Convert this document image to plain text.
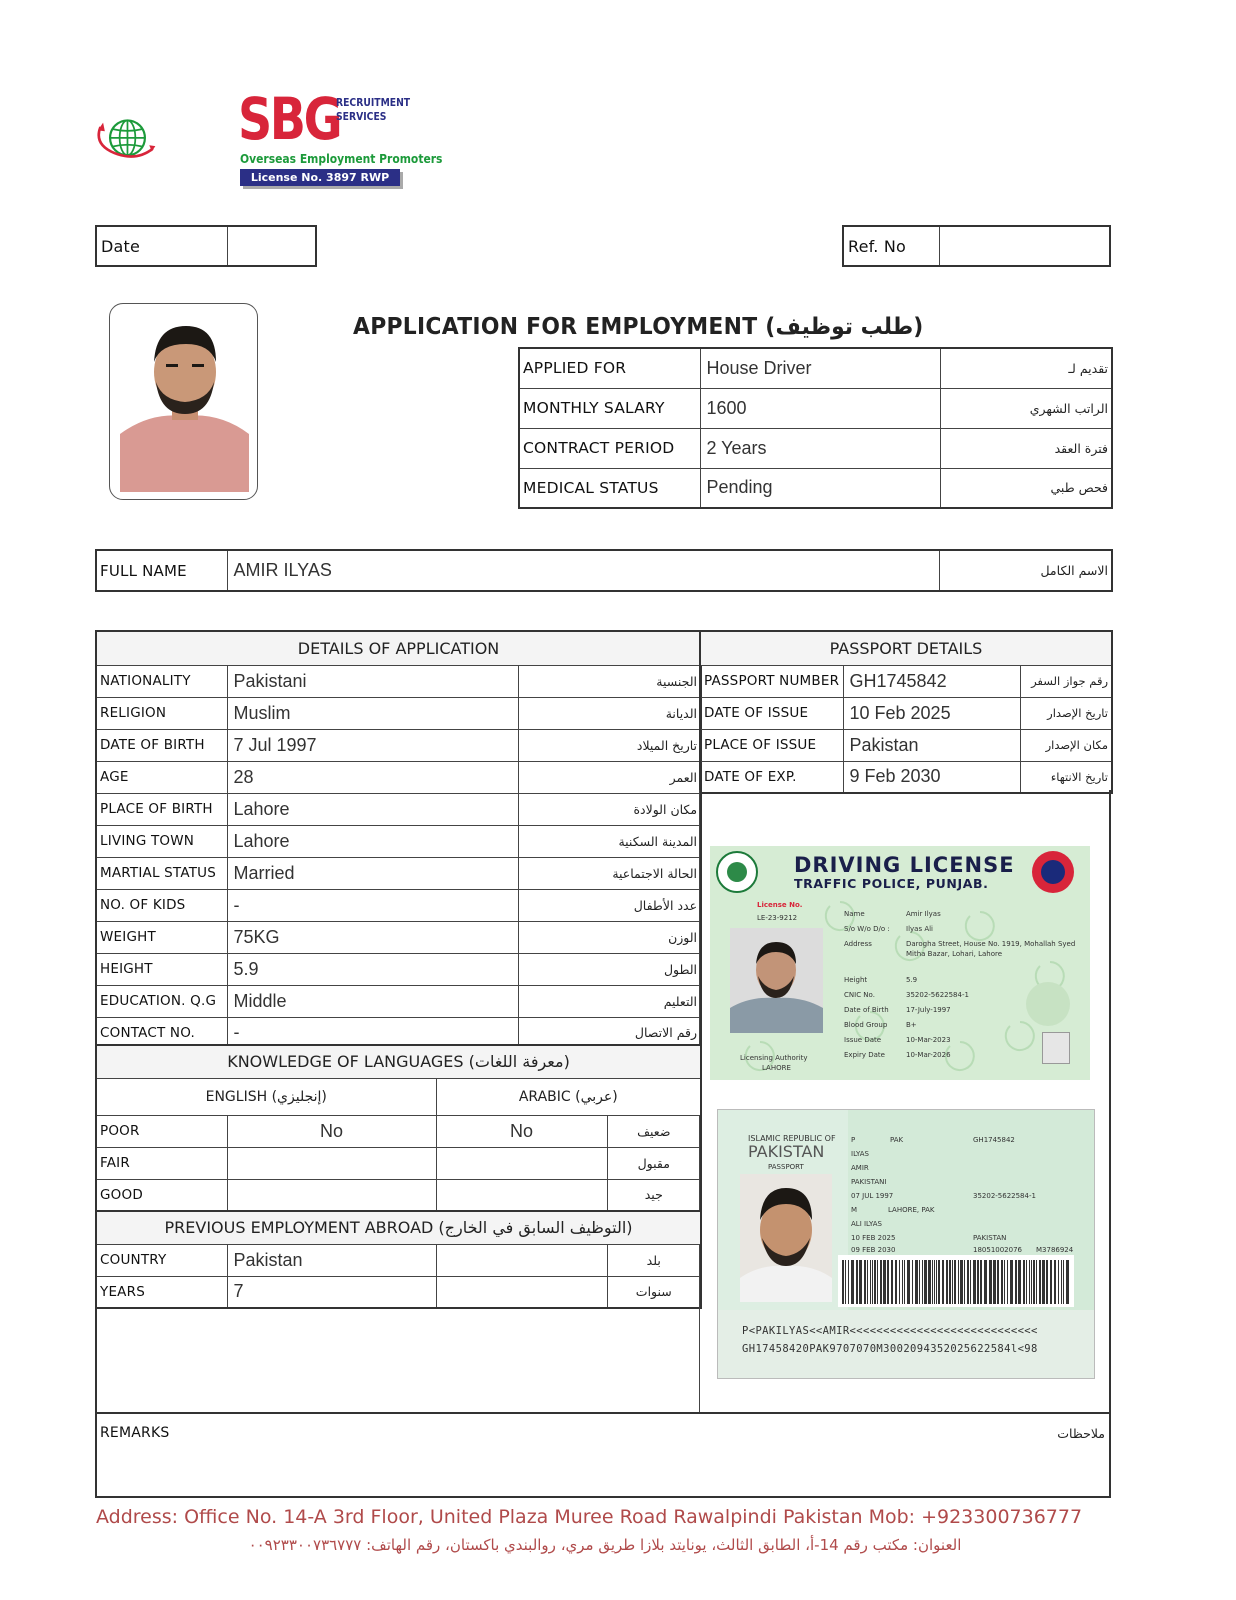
SBG
RECRUITMENT
SERVICES
Overseas Employment Promoters
License No. 3897 RWP
Date	Ref. No
APPLICATION FOR EMPLOYMENT (طلب توظيف)
APPLIED FOR	House Driver	تقديم لـ
MONTHLY SALARY	1600	الراتب الشهري
CONTRACT PERIOD	2 Years	فترة العقد
MEDICAL STATUS	Pending	فحص طبي
FULL NAME	AMIR ILYAS	الاسم الكامل
DETAILS OF APPLICATION		
NATIONALITY	Pakistani	الجنسية
RELIGION	Muslim	الديانة
DATE OF BIRTH	7 Jul 1997	تاريخ الميلاد
AGE	28	العمر
PLACE OF BIRTH	Lahore	مكان الولادة
LIVING TOWN	Lahore	المدينة السكنية
MARTIAL STATUS	Married	الحالة الاجتماعية
NO. OF KIDS	-	عدد الأطفال
WEIGHT	75KG	الوزن
HEIGHT	5.9	الطول
EDUCATION. Q.G	Middle	التعليم
CONTACT NO.	-	رقم الاتصال
PASSPORT DETAILS		
PASSPORT NUMBER	GH1745842	رقم جواز السفر
DATE OF ISSUE	10 Feb 2025	تاريخ الإصدار
PLACE OF ISSUE	Pakistan	مكان الإصدار
DATE OF EXP.	9 Feb 2030	تاريخ الانتهاء
KNOWLEDGE OF LANGUAGES (معرفة اللغات)			
ENGLISH (إنجليزي)		ARABIC (عربي)	
POOR	No	No	ضعيف
FAIR			مقبول
GOOD			جيد
PREVIOUS EMPLOYMENT ABROAD (التوظيف السابق في الخارج)			
COUNTRY	Pakistan		بلد
YEARS	7		سنوات
REMARKS	ملاحظات
DRIVING LICENSE
TRAFFIC POLICE, PUNJAB.
License No.
LE-23-9212	Name	Amir Ilyas
S/o W/o D/o : Ilyas Ali
Address	Darogha Street, House No. 1919, Mohallah Syed
Mitha Bazar, Lohari, Lahore
Height	5.9
CNIC No.	35202-5622584-1
Date of Birth 17-July-1997
Blood Group	B+
Issue Date	10-Mar-2023
Expiry Date	10-Mar-2026
Licensing Authority
LAHORE
ISLAMIC REPUBLIC OF
PAKISTAN
PASSPORT
P	PAK	GH1745842
ILYAS
AMIR
PAKISTANI
07 JUL 1997	35202-5622584-1
M	LAHORE, PAK
ALI ILYAS
10 FEB 2025	PAKISTAN
09 FEB 2030	18051002076 M3786924
P<PAKILYAS<<AMIR<<<<<<<<<<<<<<<<<<<<<<<<<<<<
GH17458420PAK9707070M3002094352025622584l<98
Address: Office No. 14-A 3rd Floor, United Plaza Muree Road Rawalpindi Pakistan Mob: +923300736777
العنوان: مكتب رقم 14-أ، الطابق الثالث، يونايتد بلازا طريق مري، روالبندي باكستان، رقم الهاتف: ٠٠٩٢٣٣٠٠٧٣٦٧٧٧
